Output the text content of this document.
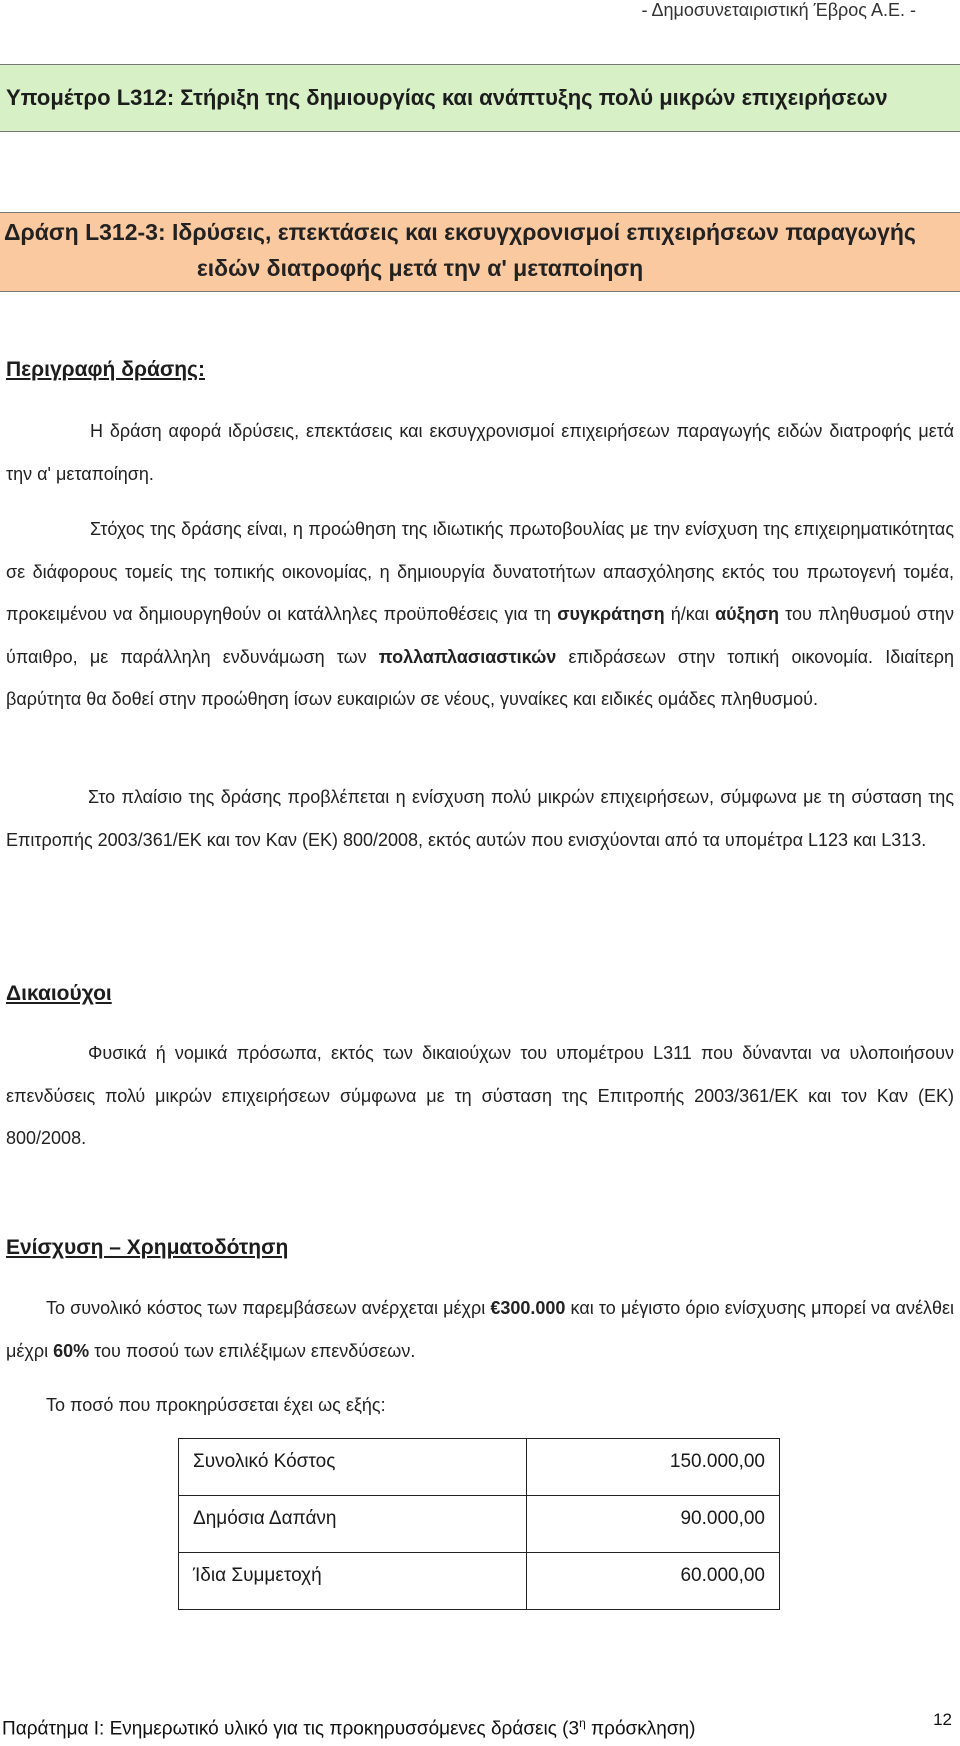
- Δημοσυνεταιριστική Έβρος Α.Ε. -
Υπομέτρο L312: Στήριξη της δημιουργίας και ανάπτυξης πολύ μικρών επιχειρήσεων
Δράση L312-3: Ιδρύσεις, επεκτάσεις και εκσυγχρονισμοί επιχειρήσεων παραγωγής
ειδών διατροφής μετά την α' μεταποίηση
Περιγραφή δράσης:
Η δράση αφορά ιδρύσεις, επεκτάσεις και εκσυγχρονισμοί επιχειρήσεων παραγωγής ειδών διατροφής μετά την α' μεταποίηση.
Στόχος της δράσης είναι, η προώθηση της ιδιωτικής πρωτοβουλίας με την ενίσχυση της επιχειρηματικότητας σε διάφορους τομείς της τοπικής οικονομίας, η δημιουργία δυνατοτήτων απασχόλησης εκτός του πρωτογενή τομέα, προκειμένου να δημιουργηθούν οι κατάλληλες προϋποθέσεις για τη συγκράτηση ή/και αύξηση του πληθυσμού στην ύπαιθρο, με παράλληλη ενδυνάμωση των πολλαπλασιαστικών επιδράσεων στην τοπική οικονομία. Ιδιαίτερη βαρύτητα θα δοθεί στην προώθηση ίσων ευκαιριών σε νέους, γυναίκες και ειδικές ομάδες πληθυσμού.
Στο πλαίσιο της δράσης προβλέπεται η ενίσχυση πολύ μικρών επιχειρήσεων, σύμφωνα με τη σύσταση της Επιτροπής 2003/361/ΕΚ και τον Καν (ΕΚ) 800/2008, εκτός αυτών που ενισχύονται από τα υπομέτρα L123 και L313.
Δικαιούχοι
Φυσικά ή νομικά πρόσωπα, εκτός των δικαιούχων του υπομέτρου L311 που δύνανται να υλοποιήσουν επενδύσεις πολύ μικρών επιχειρήσεων σύμφωνα με τη σύσταση της Επιτροπής 2003/361/ΕΚ και τον Καν (ΕΚ) 800/2008.
Ενίσχυση – Χρηματοδότηση
Το συνολικό κόστος των παρεμβάσεων ανέρχεται μέχρι €300.000 και το μέγιστο όριο ενίσχυσης μπορεί να ανέλθει μέχρι 60% του ποσού των επιλέξιμων επενδύσεων.
Το ποσό που προκηρύσσεται έχει ως εξής:
Συνολικό Κόστος	150.000,00
Δημόσια Δαπάνη	90.000,00
Ίδια Συμμετοχή	60.000,00
Παράτημα Ι: Ενημερωτικό υλικό για τις προκηρυσσόμενες δράσεις ($3^\eta$ πρόσκληση)	12
